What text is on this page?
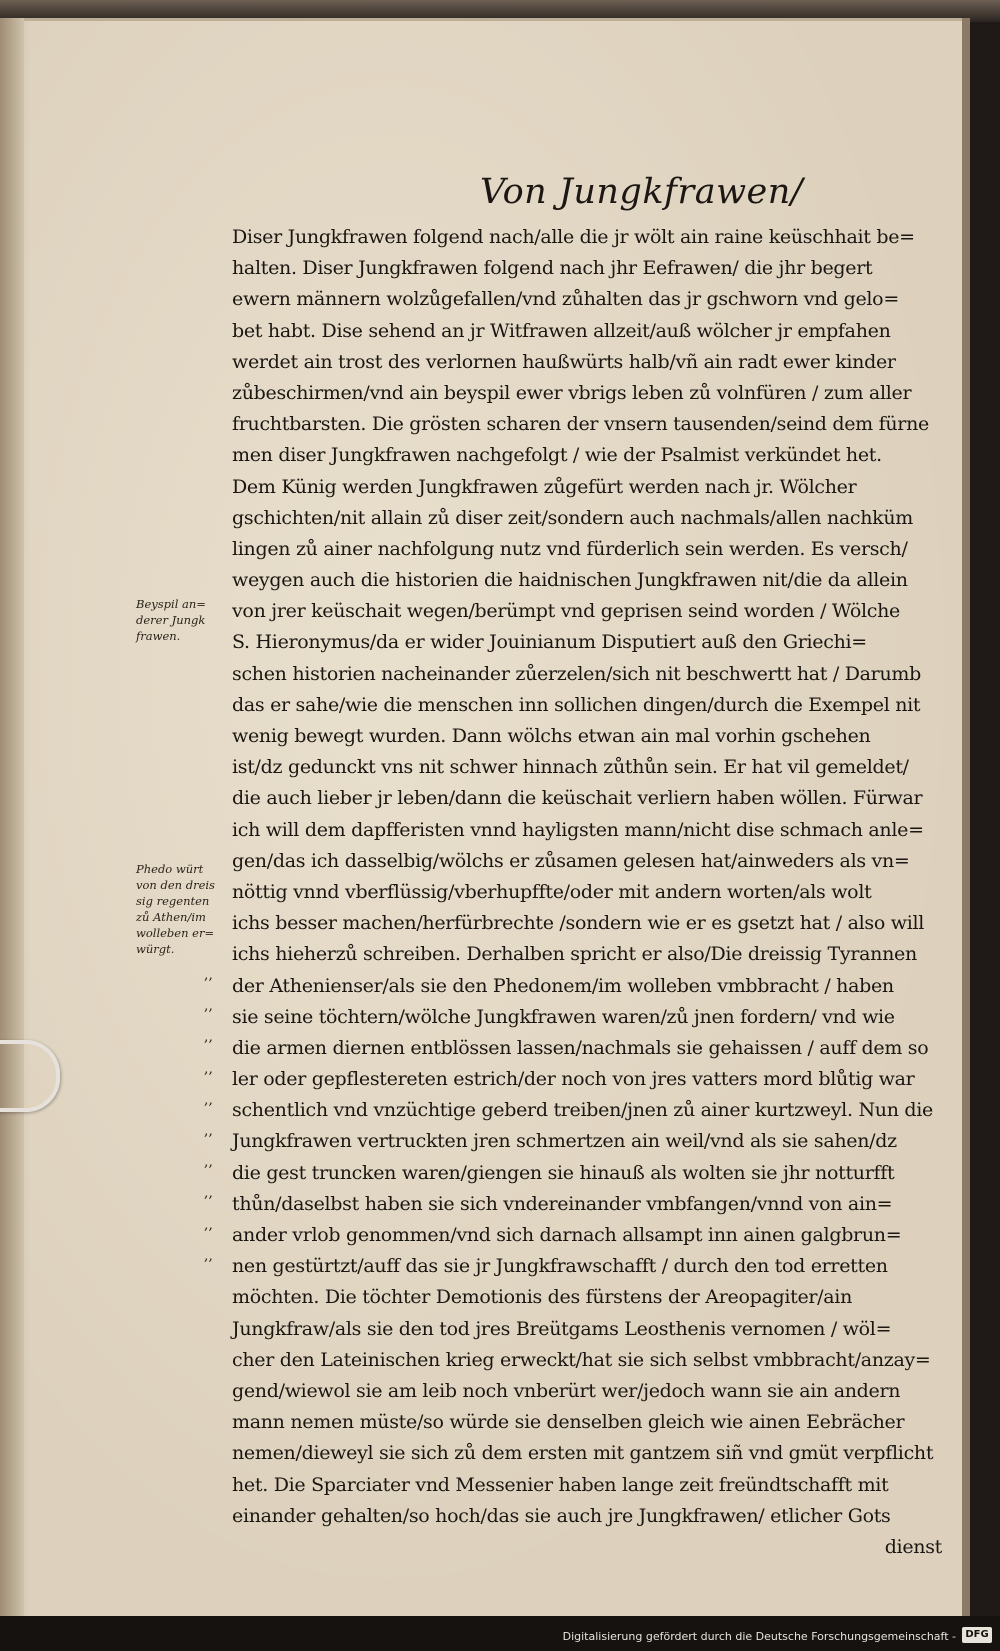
Von Jungkfrawen/
Diser Jungkfrawen folgend nach/alle die jr wölt ain raine keüschhait be=
halten. Diser Jungkfrawen folgend nach jhr Eefrawen/ die jhr begert
ewern männern wolzůgefallen/vnd zůhalten das jr gschworn vnd gelo=
bet habt. Dise sehend an jr Witfrawen allzeit/auß wölcher jr empfahen
werdet ain trost des verlornen haußwürts halb/vñ ain radt ewer kinder
zůbeschirmen/vnd ain beyspil ewer vbrigs leben zů volnfüren / zum aller
fruchtbarsten. Die grösten scharen der vnsern tausenden/seind dem fürne
men diser Jungkfrawen nachgefolgt / wie der Psalmist verkündet het.
Dem Künig werden Jungkfrawen zůgefürt werden nach jr. Wölcher
gschichten/nit allain zů diser zeit/sondern auch nachmals/allen nachküm
lingen zů ainer nachfolgung nutz vnd fürderlich sein werden. Es versch/
weygen auch die historien die haidnischen Jungkfrawen nit/die da allein
von jrer keüschait wegen/berümpt vnd geprisen seind worden / Wölche
S. Hieronymus/da er wider Jouinianum Disputiert auß den Griechi=
schen historien nacheinander zůerzelen/sich nit beschwertt hat / Darumb
das er sahe/wie die menschen inn sollichen dingen/durch die Exempel nit
wenig bewegt wurden. Dann wölchs etwan ain mal vorhin gschehen
ist/dz gedunckt vns nit schwer hinnach zůthůn sein. Er hat vil gemeldet/
die auch lieber jr leben/dann die keüschait verliern haben wöllen. Fürwar
ich will dem dapfferisten vnnd hayligsten mann/nicht dise schmach anle=
gen/das ich dasselbig/wölchs er zůsamen gelesen hat/ainweders als vn=
nöttig vnnd vberflüssig/vberhupffte/oder mit andern worten/als wolt
ichs besser machen/herfürbrechte /sondern wie er es gsetzt hat / also will
ichs hieherzů schreiben. Derhalben spricht er also/Die dreissig Tyrannen
der Athenienser/als sie den Phedonem/im wolleben vmbbracht / haben
sie seine töchtern/wölche Jungkfrawen waren/zů jnen fordern/ vnd wie
die armen diernen entblössen lassen/nachmals sie gehaissen / auff dem so
ler oder gepflestereten estrich/der noch von jres vatters mord blůtig war
schentlich vnd vnzüchtige geberd treiben/jnen zů ainer kurtzweyl. Nun die
Jungkfrawen vertruckten jren schmertzen ain weil/vnd als sie sahen/dz
die gest truncken waren/giengen sie hinauß als wolten sie jhr notturfft
thůn/daselbst haben sie sich vndereinander vmbfangen/vnnd von ain=
ander vrlob genommen/vnd sich darnach allsampt inn ainen galgbrun=
nen gestürtzt/auff das sie jr Jungkfrawschafft / durch den tod erretten
möchten. Die töchter Demotionis des fürstens der Areopagiter/ain
Jungkfraw/als sie den tod jres Breütgams Leosthenis vernomen / wöl=
cher den Lateinischen krieg erweckt/hat sie sich selbst vmbbracht/anzay=
gend/wiewol sie am leib noch vnberürt wer/jedoch wann sie ain andern
mann nemen müste/so würde sie denselben gleich wie ainen Eebrächer
nemen/dieweyl sie sich zů dem ersten mit gantzem siñ vnd gmüt verpflicht
het. Die Sparciater vnd Messenier haben lange zeit freündtschafft mit
einander gehalten/so hoch/das sie auch jre Jungkfrawen/ etlicher Gots
dienst
Beyspil an=
derer Jungk
frawen.
Phedo würt
von den dreis
sig regenten
zů Athen/im
wolleben er=
würgt.
,,
,,
,,
,,
,,
,,
,,
,,
,,
,,
Digitalisierung gefördert durch die Deutsche Forschungsgemeinschaft - DFG
